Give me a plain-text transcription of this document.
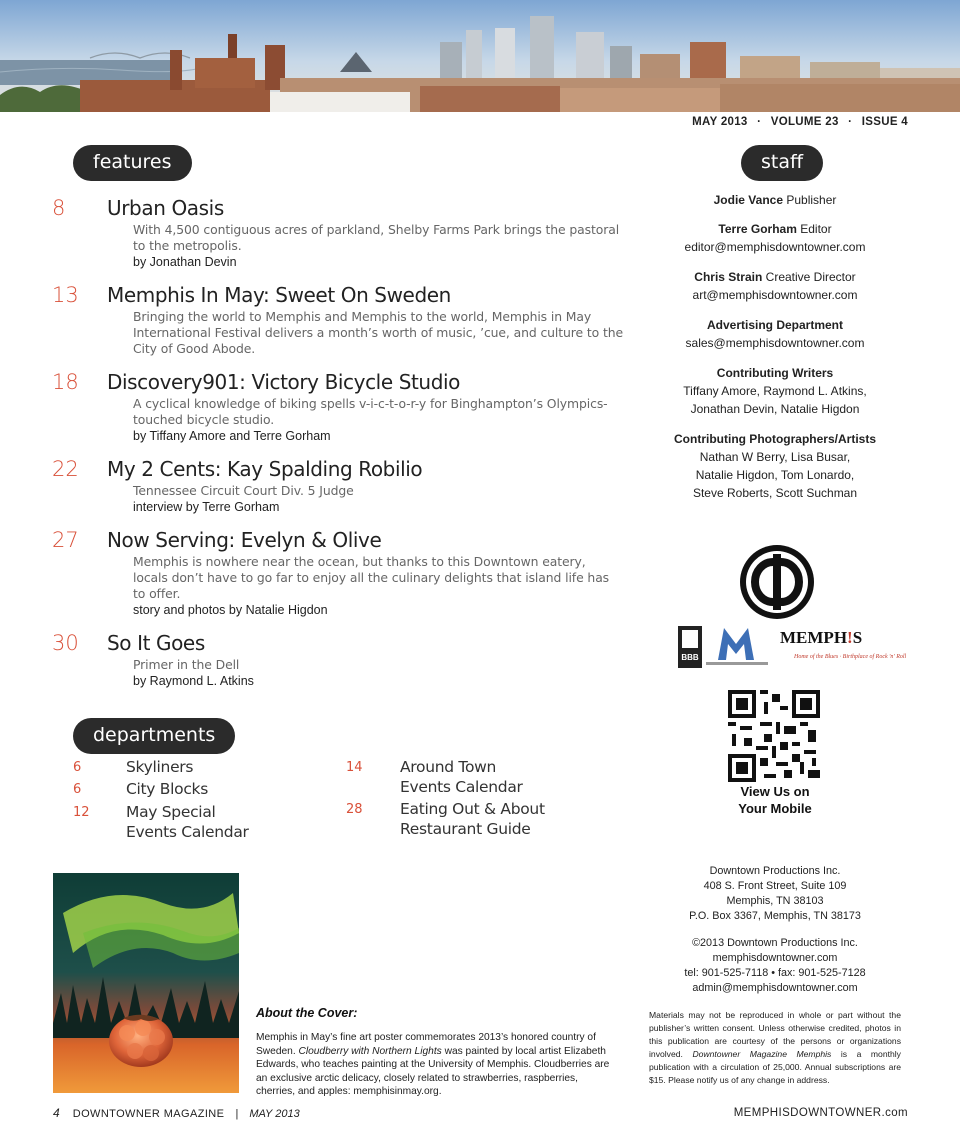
MAY 2013 · VOLUME 23 · ISSUE 4
features
8 Urban Oasis
With 4,500 contiguous acres of parkland, Shelby Farms Park brings the pastoral to the metropolis.
by Jonathan Devin
13 Memphis In May: Sweet On Sweden
Bringing the world to Memphis and Memphis to the world, Memphis in May International Festival delivers a month’s worth of music, ’cue, and culture to the City of Good Abode.
18 Discovery901: Victory Bicycle Studio
A cyclical knowledge of biking spells v-i-c-t-o-r-y for Binghampton’s Olympics-touched bicycle studio.
by Tiffany Amore and Terre Gorham
22 My 2 Cents: Kay Spalding Robilio
Tennessee Circuit Court Div. 5 Judge
interview by Terre Gorham
27 Now Serving: Evelyn & Olive
Memphis is nowhere near the ocean, but thanks to this Downtown eatery, locals don’t have to go far to enjoy all the culinary delights that island life has to offer.
story and photos by Natalie Higdon
30 So It Goes
Primer in the Dell
by Raymond L. Atkins
departments
6	Skyliners
6	City Blocks
12 May Special
Events Calendar
14 Around Town
Events Calendar
28 Eating Out & About
Restaurant Guide
staff
Jodie Vance Publisher
Terre Gorham Editor
editor@memphisdowntowner.com
Chris Strain Creative Director
art@memphisdowntowner.com
Advertising Department
sales@memphisdowntowner.com
Contributing Writers
Tiffany Amore, Raymond L. Atkins,
Jonathan Devin, Natalie Higdon
Contributing Photographers/Artists
Nathan W Berry, Lisa Busar,
Natalie Higdon, Tom Lonardo,
Steve Roberts, Scott Suchman
BBB
MEMPH!S
Home of the Blues · Birthplace of Rock 'n' Roll
View Us on
Your Mobile
Downtown Productions Inc.
408 S. Front Street, Suite 109
Memphis, TN 38103
P.O. Box 3367, Memphis, TN 38173
©2013 Downtown Productions Inc.
memphisdowntowner.com
tel: 901-525-7118 • fax: 901-525-7128
admin@memphisdowntowner.com
Materials may not be reproduced in whole or part without the publisher’s written consent. Unless otherwise credited, photos in this publication are courtesy of the persons or organizations involved. Downtowner Magazine Memphis is a monthly publication with a circulation of 25,000. Annual subscriptions are $15. Please notify us of any change in address.
About the Cover:
Memphis in May’s fine art poster commemorates 2013’s honored country of Sweden. Cloudberry with Northern Lights was painted by local artist Elizabeth Edwards, who teaches painting at the University of Memphis. Cloudberries are an exclusive arctic delicacy, closely related to strawberries, raspberries, cherries, and apples: memphisinmay.org.
4 DOWNTOWNER MAGAZINE | MAY 2013	MEMPHISDOWNTOWNER.com
